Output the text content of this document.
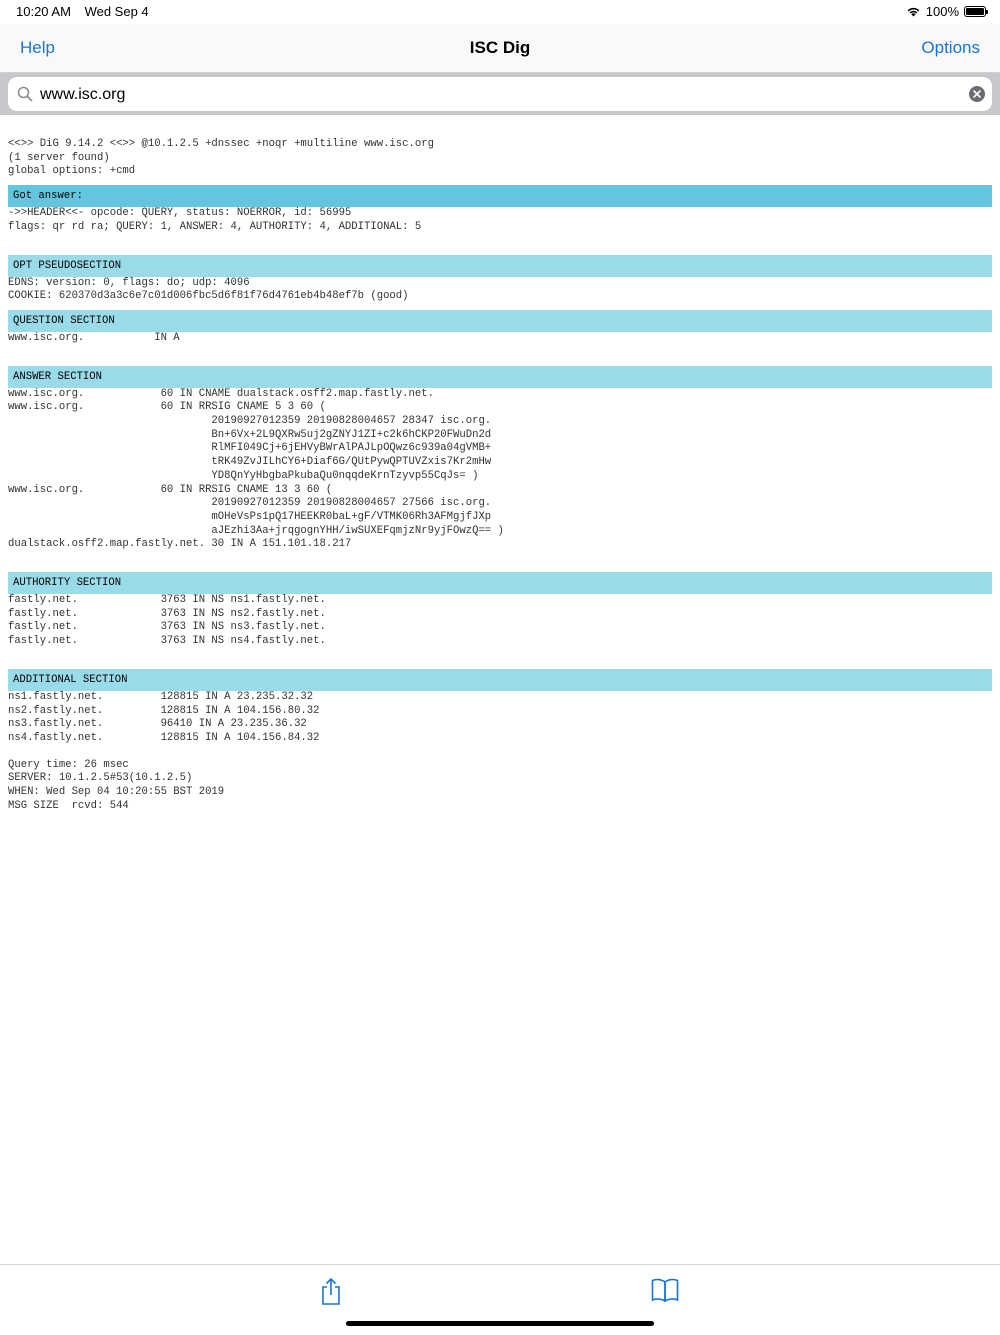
10:20 AM Wed Sep 4	100%
Help	ISC Dig	Options
www.isc.org
<<>> DiG 9.14.2 <<>> @10.1.2.5 +dnssec +noqr +multiline www.isc.org
(1 server found)
global options: +cmd
Got answer:
->>HEADER<<- opcode: QUERY, status: NOERROR, id: 56995
flags: qr rd ra; QUERY: 1, ANSWER: 4, AUTHORITY: 4, ADDITIONAL: 5
OPT PSEUDOSECTION
EDNS: version: 0, flags: do; udp: 4096
COOKIE: 620370d3a3c6e7c01d006fbc5d6f81f76d4761eb4b48ef7b (good)
QUESTION SECTION
www.isc.org.           IN A
ANSWER SECTION
www.isc.org.            60 IN CNAME dualstack.osff2.map.fastly.net.
www.isc.org.            60 IN RRSIG CNAME 5 3 60 (
20190927012359 20190828004657 28347 isc.org.
Bn+6Vx+2L9QXRw5uj2gZNYJ1ZI+c2k6hCKP20FWuDn2d
RlMFI049Cj+6jEHVyBWrAlPAJLpOQwz6c939a04gVMB+
tRK49ZvJILhCY6+Diaf6G/QUtPywQPTUVZxis7Kr2mHw
YD8QnYyHbgbaPkubaQu0nqqdeKrnTzyvp55CqJs= )
www.isc.org.            60 IN RRSIG CNAME 13 3 60 (
20190927012359 20190828004657 27566 isc.org.
mOHeVsPs1pQ17HEEKR0baL+gF/VTMK06Rh3AFMgjfJXp
aJEzhi3Aa+jrqgognYHH/iwSUXEFqmjzNr9yjFOwzQ== )
dualstack.osff2.map.fastly.net. 30 IN A 151.101.18.217
AUTHORITY SECTION
fastly.net.             3763 IN NS ns1.fastly.net.
fastly.net.             3763 IN NS ns2.fastly.net.
fastly.net.             3763 IN NS ns3.fastly.net.
fastly.net.             3763 IN NS ns4.fastly.net.
ADDITIONAL SECTION
ns1.fastly.net.         128815 IN A 23.235.32.32
ns2.fastly.net.         128815 IN A 104.156.80.32
ns3.fastly.net.         96410 IN A 23.235.36.32
ns4.fastly.net.         128815 IN A 104.156.84.32
Query time: 26 msec
SERVER: 10.1.2.5#53(10.1.2.5)
WHEN: Wed Sep 04 10:20:55 BST 2019
MSG SIZE  rcvd: 544
